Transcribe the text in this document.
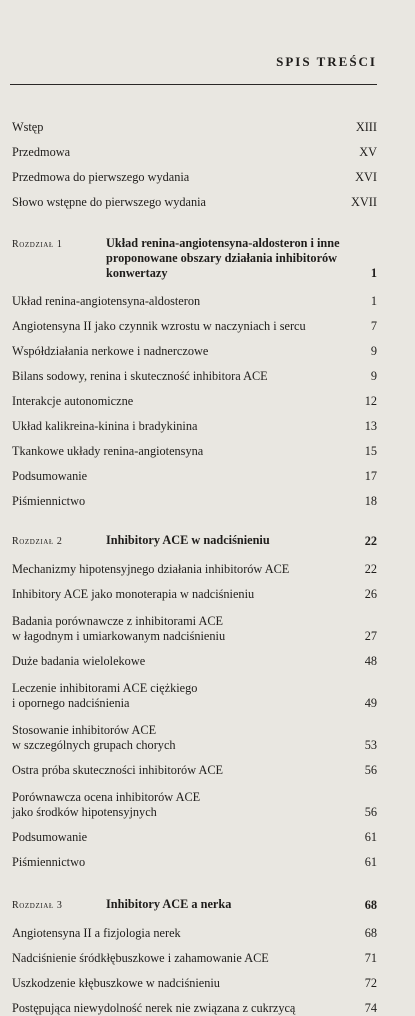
SPIS TREŚCI
Wstęp	XIII
Przedmowa	XV
Przedmowa do pierwszego wydania	XVI
Słowo wstępne do pierwszego wydania	XVII
Rozdział 1	Układ renina-angiotensyna-aldosteron i inne proponowane obszary działania inhibitorów konwertazy	1
Układ renina-angiotensyna-aldosteron	1
Angiotensyna II jako czynnik wzrostu w naczyniach i sercu	7
Współdziałania nerkowe i nadnerczowe	9
Bilans sodowy, renina i skuteczność inhibitora ACE	9
Interakcje autonomiczne	12
Układ kalikreina-kinina i bradykinina	13
Tkankowe układy renina-angiotensyna	15
Podsumowanie	17
Piśmiennictwo	18
Rozdział 2	Inhibitory ACE w nadciśnieniu	22
Mechanizmy hipotensyjnego działania inhibitorów ACE	22
Inhibitory ACE jako monoterapia w nadciśnieniu	26
Badania porównawcze z inhibitorami ACE
w łagodnym i umiarkowanym nadciśnieniu	27
Duże badania wielolekowe	48
Leczenie inhibitorami ACE ciężkiego
i opornego nadciśnienia	49
Stosowanie inhibitorów ACE
w szczególnych grupach chorych	53
Ostra próba skuteczności inhibitorów ACE	56
Porównawcza ocena inhibitorów ACE
jako środków hipotensyjnych	56
Podsumowanie	61
Piśmiennictwo	61
Rozdział 3	Inhibitory ACE a nerka	68
Angiotensyna II a fizjologia nerek	68
Nadciśnienie śródkłębuszkowe i zahamowanie ACE	71
Uszkodzenie kłębuszkowe w nadciśnieniu	72
Postępująca niewydolność nerek nie związana z cukrzycą	74
